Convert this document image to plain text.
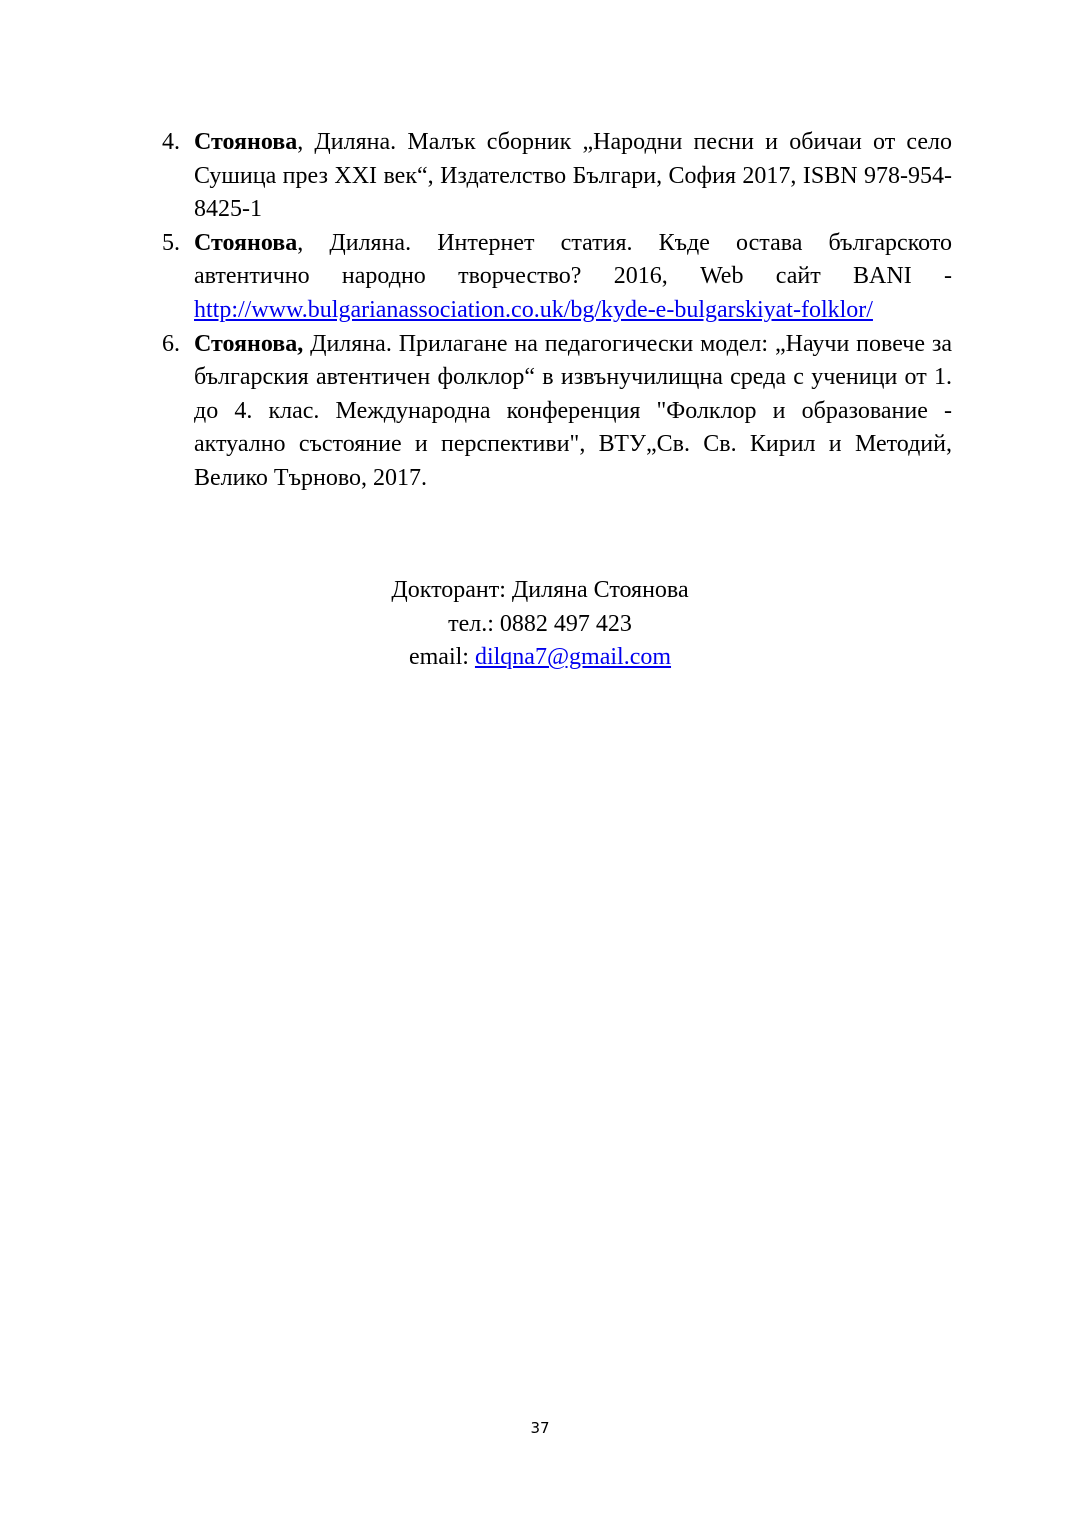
4. Стоянова, Диляна. Малък сборник „Народни песни и обичаи от село Сушица през XXI век“, Издателство Българи, София 2017, ISBN 978-954-8425-1
5. Стоянова, Диляна. Интернет статия. Къде остава българското автентично народно творчество? 2016, Web сайт BANI - http://www.bulgarianassociation.co.uk/bg/kyde-e-bulgarskiyat-folklor/
6. Стоянова, Диляна. Прилагане на педагогически модел: „Научи повече за българския автентичен фолклор“ в извънучилищна среда с ученици от 1. до 4. клас. Международна конференция "Фолклор и образование - актуално състояние и перспективи", ВТУ„Св. Св. Кирил и Методий, Велико Търново, 2017.
Докторант: Диляна Стоянова
тел.: 0882 497 423
email: dilqna7@gmail.com
37
